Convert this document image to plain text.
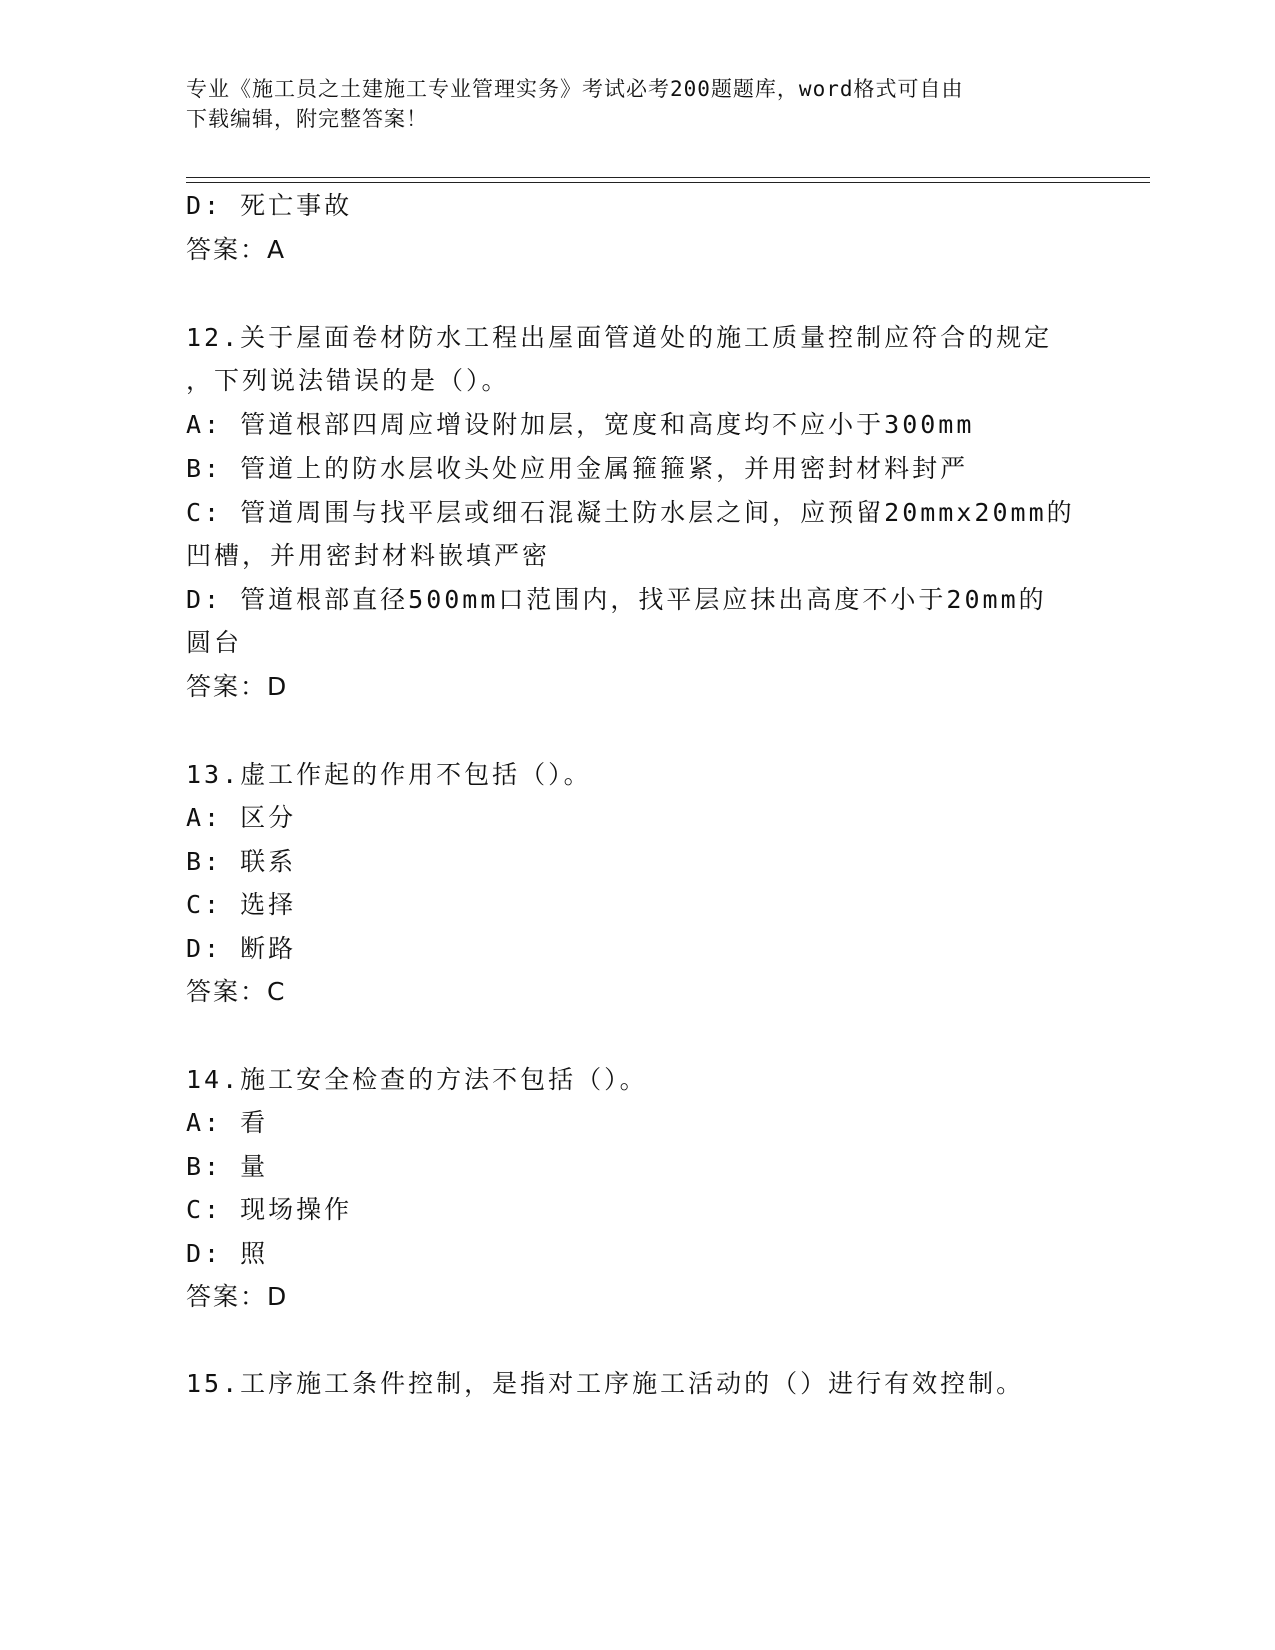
专业《施工员之土建施工专业管理实务》考试必考200题题库，word格式可自由
下载编辑，附完整答案！
D: 死亡事故
答案：A
12.关于屋面卷材防水工程出屋面管道处的施工质量控制应符合的规定
，下列说法错误的是（）。
A: 管道根部四周应增设附加层，宽度和高度均不应小于300mm
B: 管道上的防水层收头处应用金属箍箍紧，并用密封材料封严
C: 管道周围与找平层或细石混凝土防水层之间，应预留20mmx20mm的
凹槽，并用密封材料嵌填严密
D: 管道根部直径500mm口范围内，找平层应抹出高度不小于20mm的
圆台
答案：D
13.虚工作起的作用不包括（）。
A: 区分
B: 联系
C: 选择
D: 断路
答案：C
14.施工安全检查的方法不包括（）。
A: 看
B: 量
C: 现场操作
D: 照
答案：D
15.工序施工条件控制，是指对工序施工活动的（）进行有效控制。
